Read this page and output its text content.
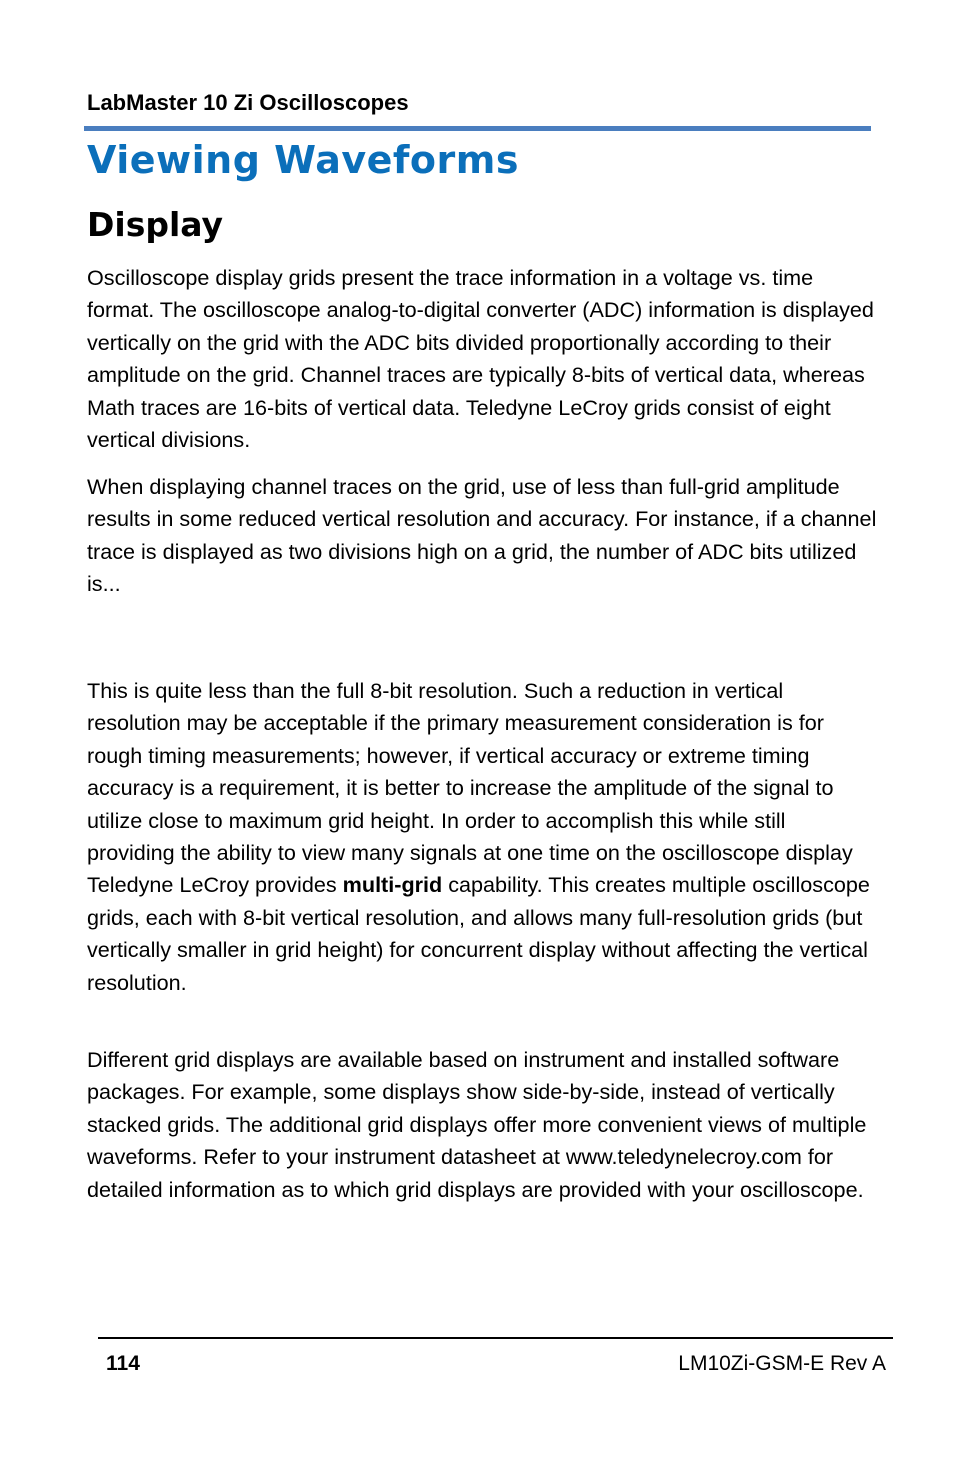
LabMaster 10 Zi Oscilloscopes
Viewing Waveforms
Display

Oscilloscope display grids present the trace information in a voltage vs. time format. The oscilloscope analog-to-digital converter (ADC) information is displayed vertically on the grid with the ADC bits divided proportionally according to their amplitude on the grid. Channel traces are typically 8-bits of vertical data, whereas Math traces are 16-bits of vertical data. Teledyne LeCroy grids consist of eight vertical divisions.

When displaying channel traces on the grid, use of less than full-grid amplitude results in some reduced vertical resolution and accuracy. For instance, if a channel trace is displayed as two divisions high on a grid, the number of ADC bits utilized is...

This is quite less than the full 8-bit resolution. Such a reduction in vertical resolution may be acceptable if the primary measurement consideration is for rough timing measurements; however, if vertical accuracy or extreme timing accuracy is a requirement, it is better to increase the amplitude of the signal to utilize close to maximum grid height. In order to accomplish this while still providing the ability to view many signals at one time on the oscilloscope display Teledyne LeCroy provides multi-grid capability. This creates multiple oscilloscope grids, each with 8-bit vertical resolution, and allows many full-resolution grids (but vertically smaller in grid height) for concurrent display without affecting the vertical resolution.

Different grid displays are available based on instrument and installed software packages. For example, some displays show side-by-side, instead of vertically stacked grids. The additional grid displays offer more convenient views of multiple waveforms. Refer to your instrument datasheet at www.teledynelecroy.com for detailed information as to which grid displays are provided with your oscilloscope.

114	LM10Zi-GSM-E Rev A
